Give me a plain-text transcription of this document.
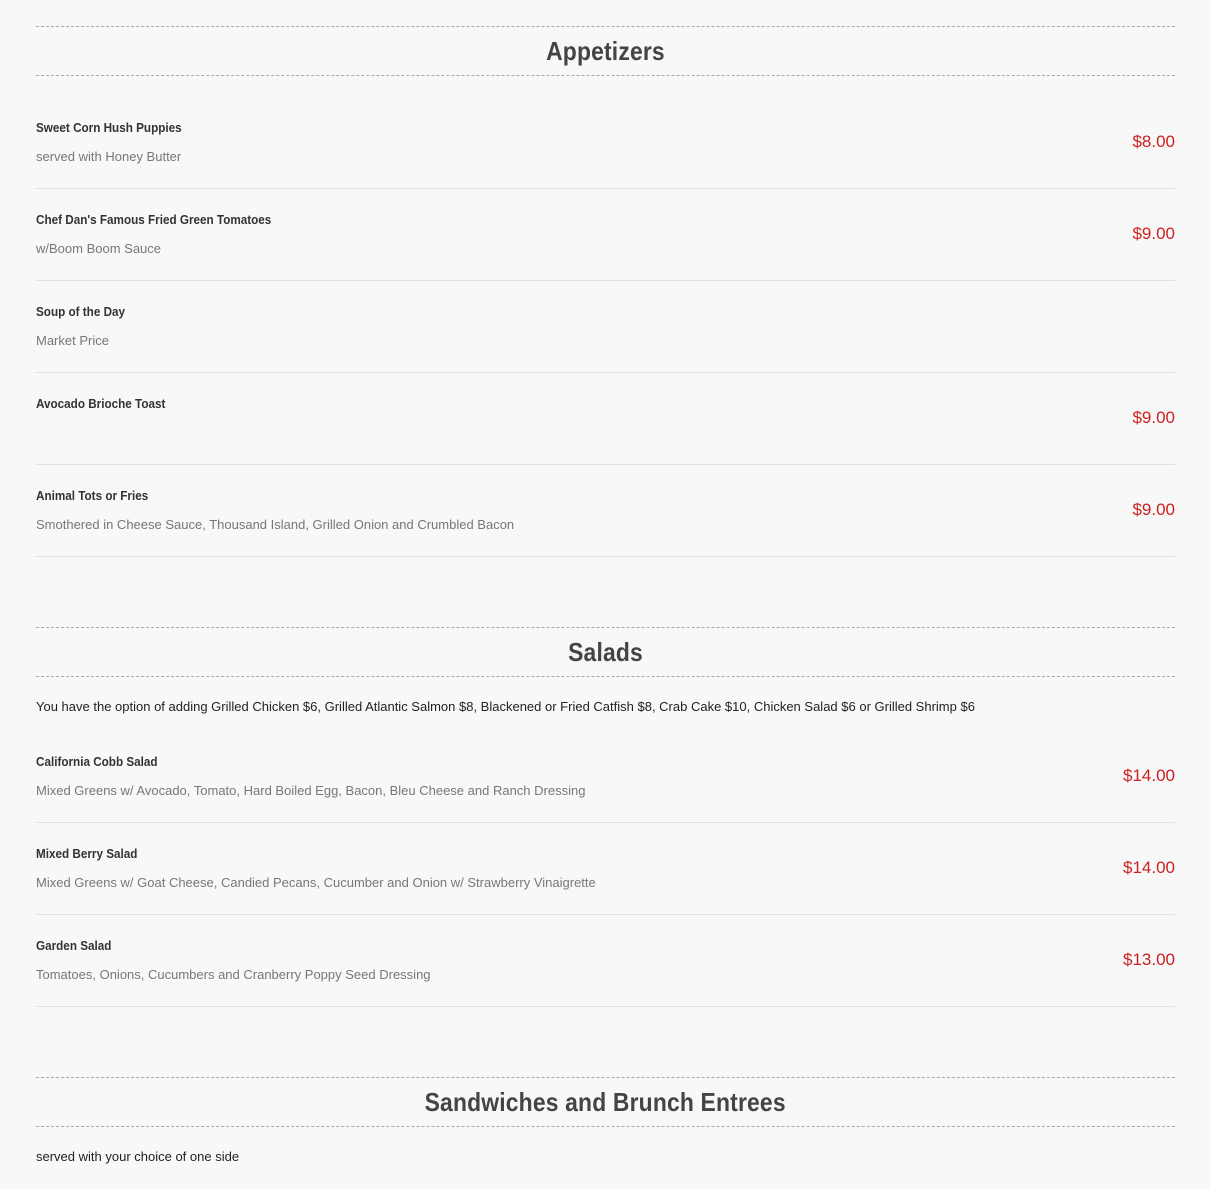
Appetizers
Sweet Corn Hush Puppies
served with Honey Butter
$8.00
Chef Dan's Famous Fried Green Tomatoes
w/Boom Boom Sauce
$9.00
Soup of the Day
Market Price
Avocado Brioche Toast
$9.00
Animal Tots or Fries
Smothered in Cheese Sauce, Thousand Island, Grilled Onion and Crumbled Bacon
$9.00
Salads
You have the option of adding Grilled Chicken $6, Grilled Atlantic Salmon $8, Blackened or Fried Catfish $8, Crab Cake $10, Chicken Salad $6 or Grilled Shrimp $6
California Cobb Salad
Mixed Greens w/ Avocado, Tomato, Hard Boiled Egg, Bacon, Bleu Cheese and Ranch Dressing
$14.00
Mixed Berry Salad
Mixed Greens w/ Goat Cheese, Candied Pecans, Cucumber and Onion w/ Strawberry Vinaigrette
$14.00
Garden Salad
Tomatoes, Onions, Cucumbers and Cranberry Poppy Seed Dressing
$13.00
Sandwiches and Brunch Entrees
served with your choice of one side
